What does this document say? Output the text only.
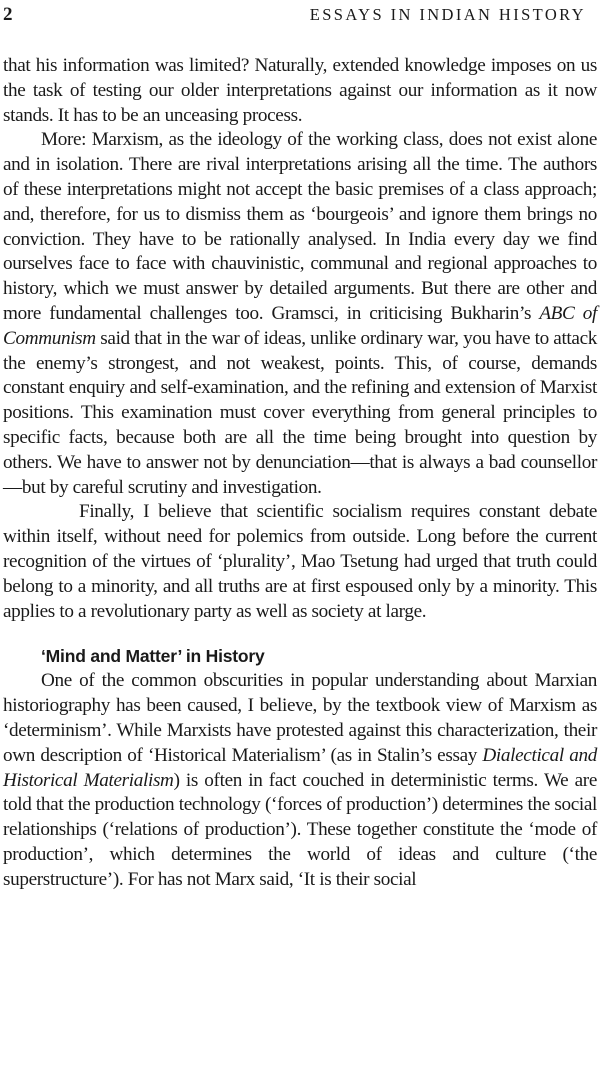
2	ESSAYS IN INDIAN HISTORY

that his information was limited? Naturally, extended knowledge imposes on us the task of testing our older interpretations against our information as it now stands. It has to be an unceasing process.

More: Marxism, as the ideology of the working class, does not exist alone and in isolation. There are rival interpretations arising all the time. The authors of these interpretations might not accept the basic premises of a class approach; and, therefore, for us to dismiss them as ‘bourgeois’ and ignore them brings no conviction. They have to be rationally analysed. In India every day we find ourselves face to face with chauvinistic, communal and regional approaches to history, which we must answer by detailed arguments. But there are other and more fundamental challenges too. Gramsci, in criticising Bukharin’s ABC of Communism said that in the war of ideas, unlike ordinary war, you have to attack the enemy’s strongest, and not weakest, points. This, of course, demands constant enquiry and self-examination, and the refining and extension of Marxist positions. This examination must cover everything from general principles to specific facts, because both are all the time being brought into question by others. We have to answer not by denunciation—that is always a bad counsellor—but by careful scrutiny and investigation.

Finally, I believe that scientific socialism requires constant debate within itself, without need for polemics from outside. Long before the current recognition of the virtues of ‘plurality’, Mao Tsetung had urged that truth could belong to a minority, and all truths are at first espoused only by a minority. This applies to a revolutionary party as well as society at large.

‘Mind and Matter’ in History

One of the common obscurities in popular understanding about Marxian historiography has been caused, I believe, by the textbook view of Marxism as ‘determinism’. While Marxists have protested against this characterization, their own description of ‘Historical Materialism’ (as in Stalin’s essay Dialectical and Historical Materialism) is often in fact couched in deterministic terms. We are told that the production technology (‘forces of production’) determines the social relationships (‘relations of production’). These together constitute the ‘mode of production’, which determines the world of ideas and culture (‘the superstructure’). For has not Marx said, ‘It is their social
